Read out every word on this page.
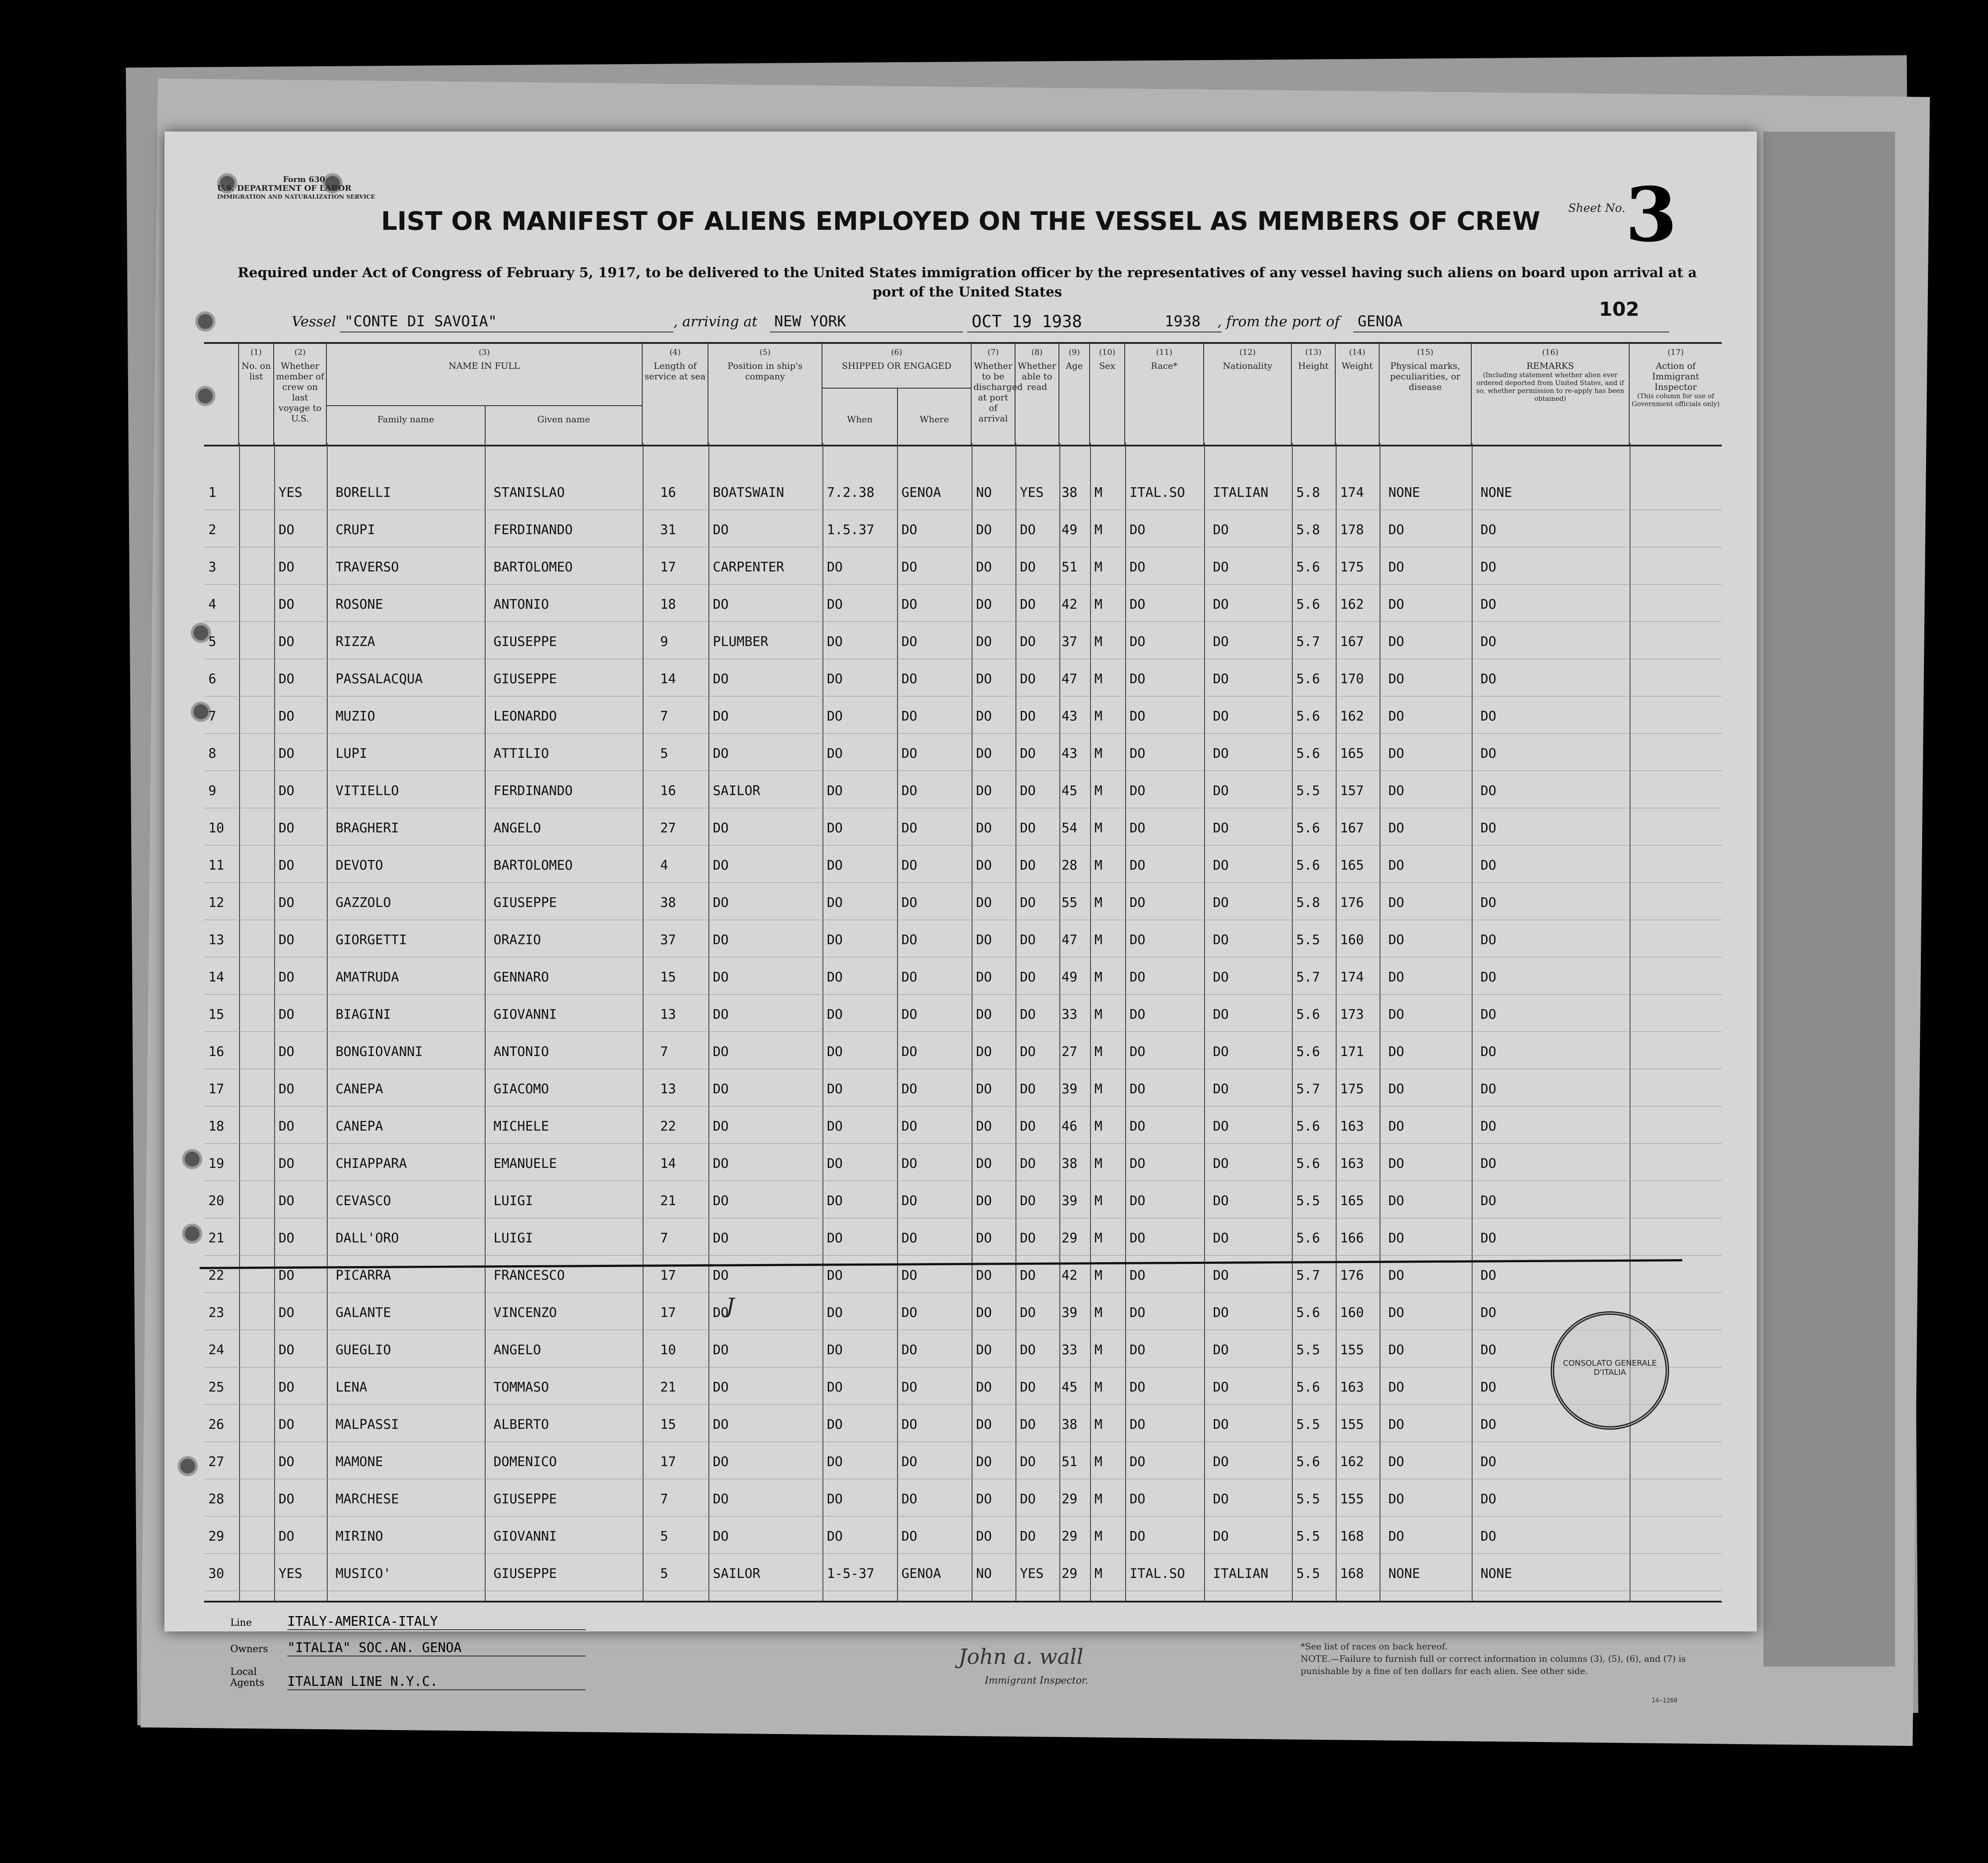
Form 630
U.S. DEPARTMENT OF LABOR
IMMIGRATION AND NATURALIZATION SERVICE
LIST OR MANIFEST OF ALIENS EMPLOYED ON THE VESSEL AS MEMBERS OF CREW	Sheet No. 3
Required under Act of Congress of February 5, 1917, to be delivered to the United States immigration officer by the representatives of any vessel having such aliens on board upon arrival at a port of the United States
102
Vessel "CONTE DI SAVOIA"	, arriving at NEW YORK	OCT 19 1938	1938	, from the port of GENOA
(1)
No. on list
(2)
Whether member of crew on last voyage to U.S.
(3)
NAME IN FULL
Family name	Given name
(4)
Length of service at sea
(5)
Position in ship's company
(6)
SHIPPED OR ENGAGED
When	Where
(7)
Whether to be discharged at port of arrival
(8)
Whether able to read
(9)
Age
(10)
Sex
(11)
Race*
(12)
Nationality
(13)
Height
(14)
Weight
(15)
Physical marks, peculiarities, or disease
(16)
REMARKS
(Including statement whether alien ever ordered deported from United States, and if so, whether permission to re-apply has been obtained)
(17)
Action of Immigrant Inspector
(This column for use of Government officials only)
1	YES	BORELLI	STANISLAO	16	BOATSWAIN	7.2.38	GENOA	NO	YES	38	M	ITAL.SO	ITALIAN	5.8	174	NONE	NONE
2	DO	CRUPI	FERDINANDO	31	DO	1.5.37	DO	DO	DO	49	M	DO	DO	5.8	178	DO	DO
3	DO	TRAVERSO	BARTOLOMEO	17	CARPENTER	DO	DO	DO	DO	51	M	DO	DO	5.6	175	DO	DO
4	DO	ROSONE	ANTONIO	18	DO	DO	DO	DO	DO	42	M	DO	DO	5.6	162	DO	DO
5	DO	RIZZA	GIUSEPPE	9	PLUMBER	DO	DO	DO	DO	37	M	DO	DO	5.7	167	DO	DO
6	DO	PASSALACQUA	GIUSEPPE	14	DO	DO	DO	DO	DO	47	M	DO	DO	5.6	170	DO	DO
7	DO	MUZIO	LEONARDO	7	DO	DO	DO	DO	DO	43	M	DO	DO	5.6	162	DO	DO
8	DO	LUPI	ATTILIO	5	DO	DO	DO	DO	DO	43	M	DO	DO	5.6	165	DO	DO
9	DO	VITIELLO	FERDINANDO	16	SAILOR	DO	DO	DO	DO	45	M	DO	DO	5.5	157	DO	DO
10	DO	BRAGHERI	ANGELO	27	DO	DO	DO	DO	DO	54	M	DO	DO	5.6	167	DO	DO
11	DO	DEVOTO	BARTOLOMEO	4	DO	DO	DO	DO	DO	28	M	DO	DO	5.6	165	DO	DO
12	DO	GAZZOLO	GIUSEPPE	38	DO	DO	DO	DO	DO	55	M	DO	DO	5.8	176	DO	DO
13	DO	GIORGETTI	ORAZIO	37	DO	DO	DO	DO	DO	47	M	DO	DO	5.5	160	DO	DO
14	DO	AMATRUDA	GENNARO	15	DO	DO	DO	DO	DO	49	M	DO	DO	5.7	174	DO	DO
15	DO	BIAGINI	GIOVANNI	13	DO	DO	DO	DO	DO	33	M	DO	DO	5.6	173	DO	DO
16	DO	BONGIOVANNI	ANTONIO	7	DO	DO	DO	DO	DO	27	M	DO	DO	5.6	171	DO	DO
17	DO	CANEPA	GIACOMO	13	DO	DO	DO	DO	DO	39	M	DO	DO	5.7	175	DO	DO
18	DO	CANEPA	MICHELE	22	DO	DO	DO	DO	DO	46	M	DO	DO	5.6	163	DO	DO
19	DO	CHIAPPARA	EMANUELE	14	DO	DO	DO	DO	DO	38	M	DO	DO	5.6	163	DO	DO
20	DO	CEVASCO	LUIGI	21	DO	DO	DO	DO	DO	39	M	DO	DO	5.5	165	DO	DO
21	DO	DALL'ORO	LUIGI	7	DO	DO	DO	DO	DO	29	M	DO	DO	5.6	166	DO	DO
22	DO	PICARRA	FRANCESCO	17	DO	DO	DO	DO	DO	42	M	DO	DO	5.7	176	DO	DO
23	DO	GALANTE	VINCENZO	17	DO	DO	DO	DO	DO	39	M	DO	DO	5.6	160	DO	DO
24	DO	GUEGLIO	ANGELO	10	DO	DO	DO	DO	DO	33	M	DO	DO	5.5	155	DO	DO
25	DO	LENA	TOMMASO	21	DO	DO	DO	DO	DO	45	M	DO	DO	5.6	163	DO	DO
26	DO	MALPASSI	ALBERTO	15	DO	DO	DO	DO	DO	38	M	DO	DO	5.5	155	DO	DO
27	DO	MAMONE	DOMENICO	17	DO	DO	DO	DO	DO	51	M	DO	DO	5.6	162	DO	DO
28	DO	MARCHESE	GIUSEPPE	7	DO	DO	DO	DO	DO	29	M	DO	DO	5.5	155	DO	DO
29	DO	MIRINO	GIOVANNI	5	DO	DO	DO	DO	DO	29	M	DO	DO	5.5	168	DO	DO
30	YES	MUSICO'	GIUSEPPE	5	SAILOR	1-5-37	GENOA	NO	YES	29	M	ITAL.SO	ITALIAN	5.5	168	NONE	NONE
J
CONSOLATO GENERALE D'ITALIA
Line	ITALY-AMERICA-ITALY
Owners "ITALIA" SOC.AN. GENOA
Local Agents ITALIAN LINE N.Y.C.
John a. wall
Immigrant Inspector.
*See list of races on back hereof.
NOTE.—Failure to furnish full or correct information in columns (3), (5), (6), and (7) is punishable by a fine of ten dollars for each alien. See other side.
14—1260
